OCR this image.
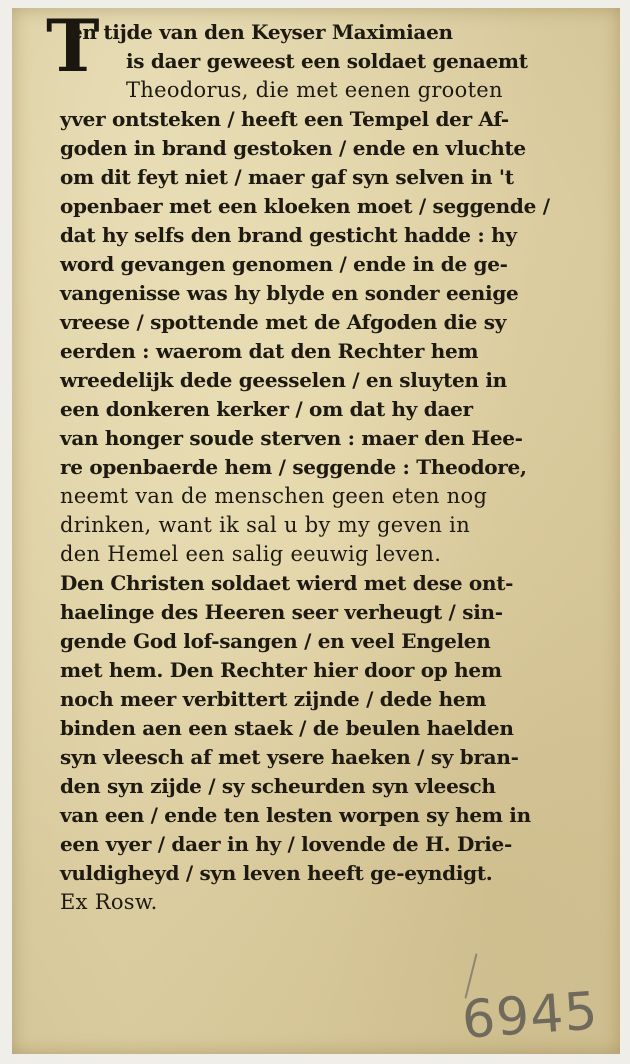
T
en tijde van den Keyser Maximiaen
is daer geweest een soldaet genaemt
Theodorus, die met eenen grooten
yver ontsteken / heeft een Tempel der Af-
goden in brand gestoken / ende en vluchte
om dit feyt niet / maer gaf syn selven in 't
openbaer met een kloeken moet / seggende /
dat hy selfs den brand gesticht hadde : hy
word gevangen genomen / ende in de ge-
vangenisse was hy blyde en sonder eenige
vreese / spottende met de Afgoden die sy
eerden : waerom dat den Rechter hem
wreedelijk dede geesselen / en sluyten in
een donkeren kerker / om dat hy daer
van honger soude sterven : maer den Hee-
re openbaerde hem / seggende : Theodore,
neemt van de menschen geen eten nog
drinken, want ik sal u by my geven in
den Hemel een salig eeuwig leven.
Den Christen soldaet wierd met dese ont-
haelinge des Heeren seer verheugt / sin-
gende God lof-sangen / en veel Engelen
met hem. Den Rechter hier door op hem
noch meer verbittert zijnde / dede hem
binden aen een staek / de beulen haelden
syn vleesch af met ysere haeken / sy bran-
den syn zijde / sy scheurden syn vleesch
van een / ende ten lesten worpen sy hem in
een vyer / daer in hy / lovende de H. Drie-
vuldigheyd / syn leven heeft ge-eyndigt.
Ex Rosw.
6945
